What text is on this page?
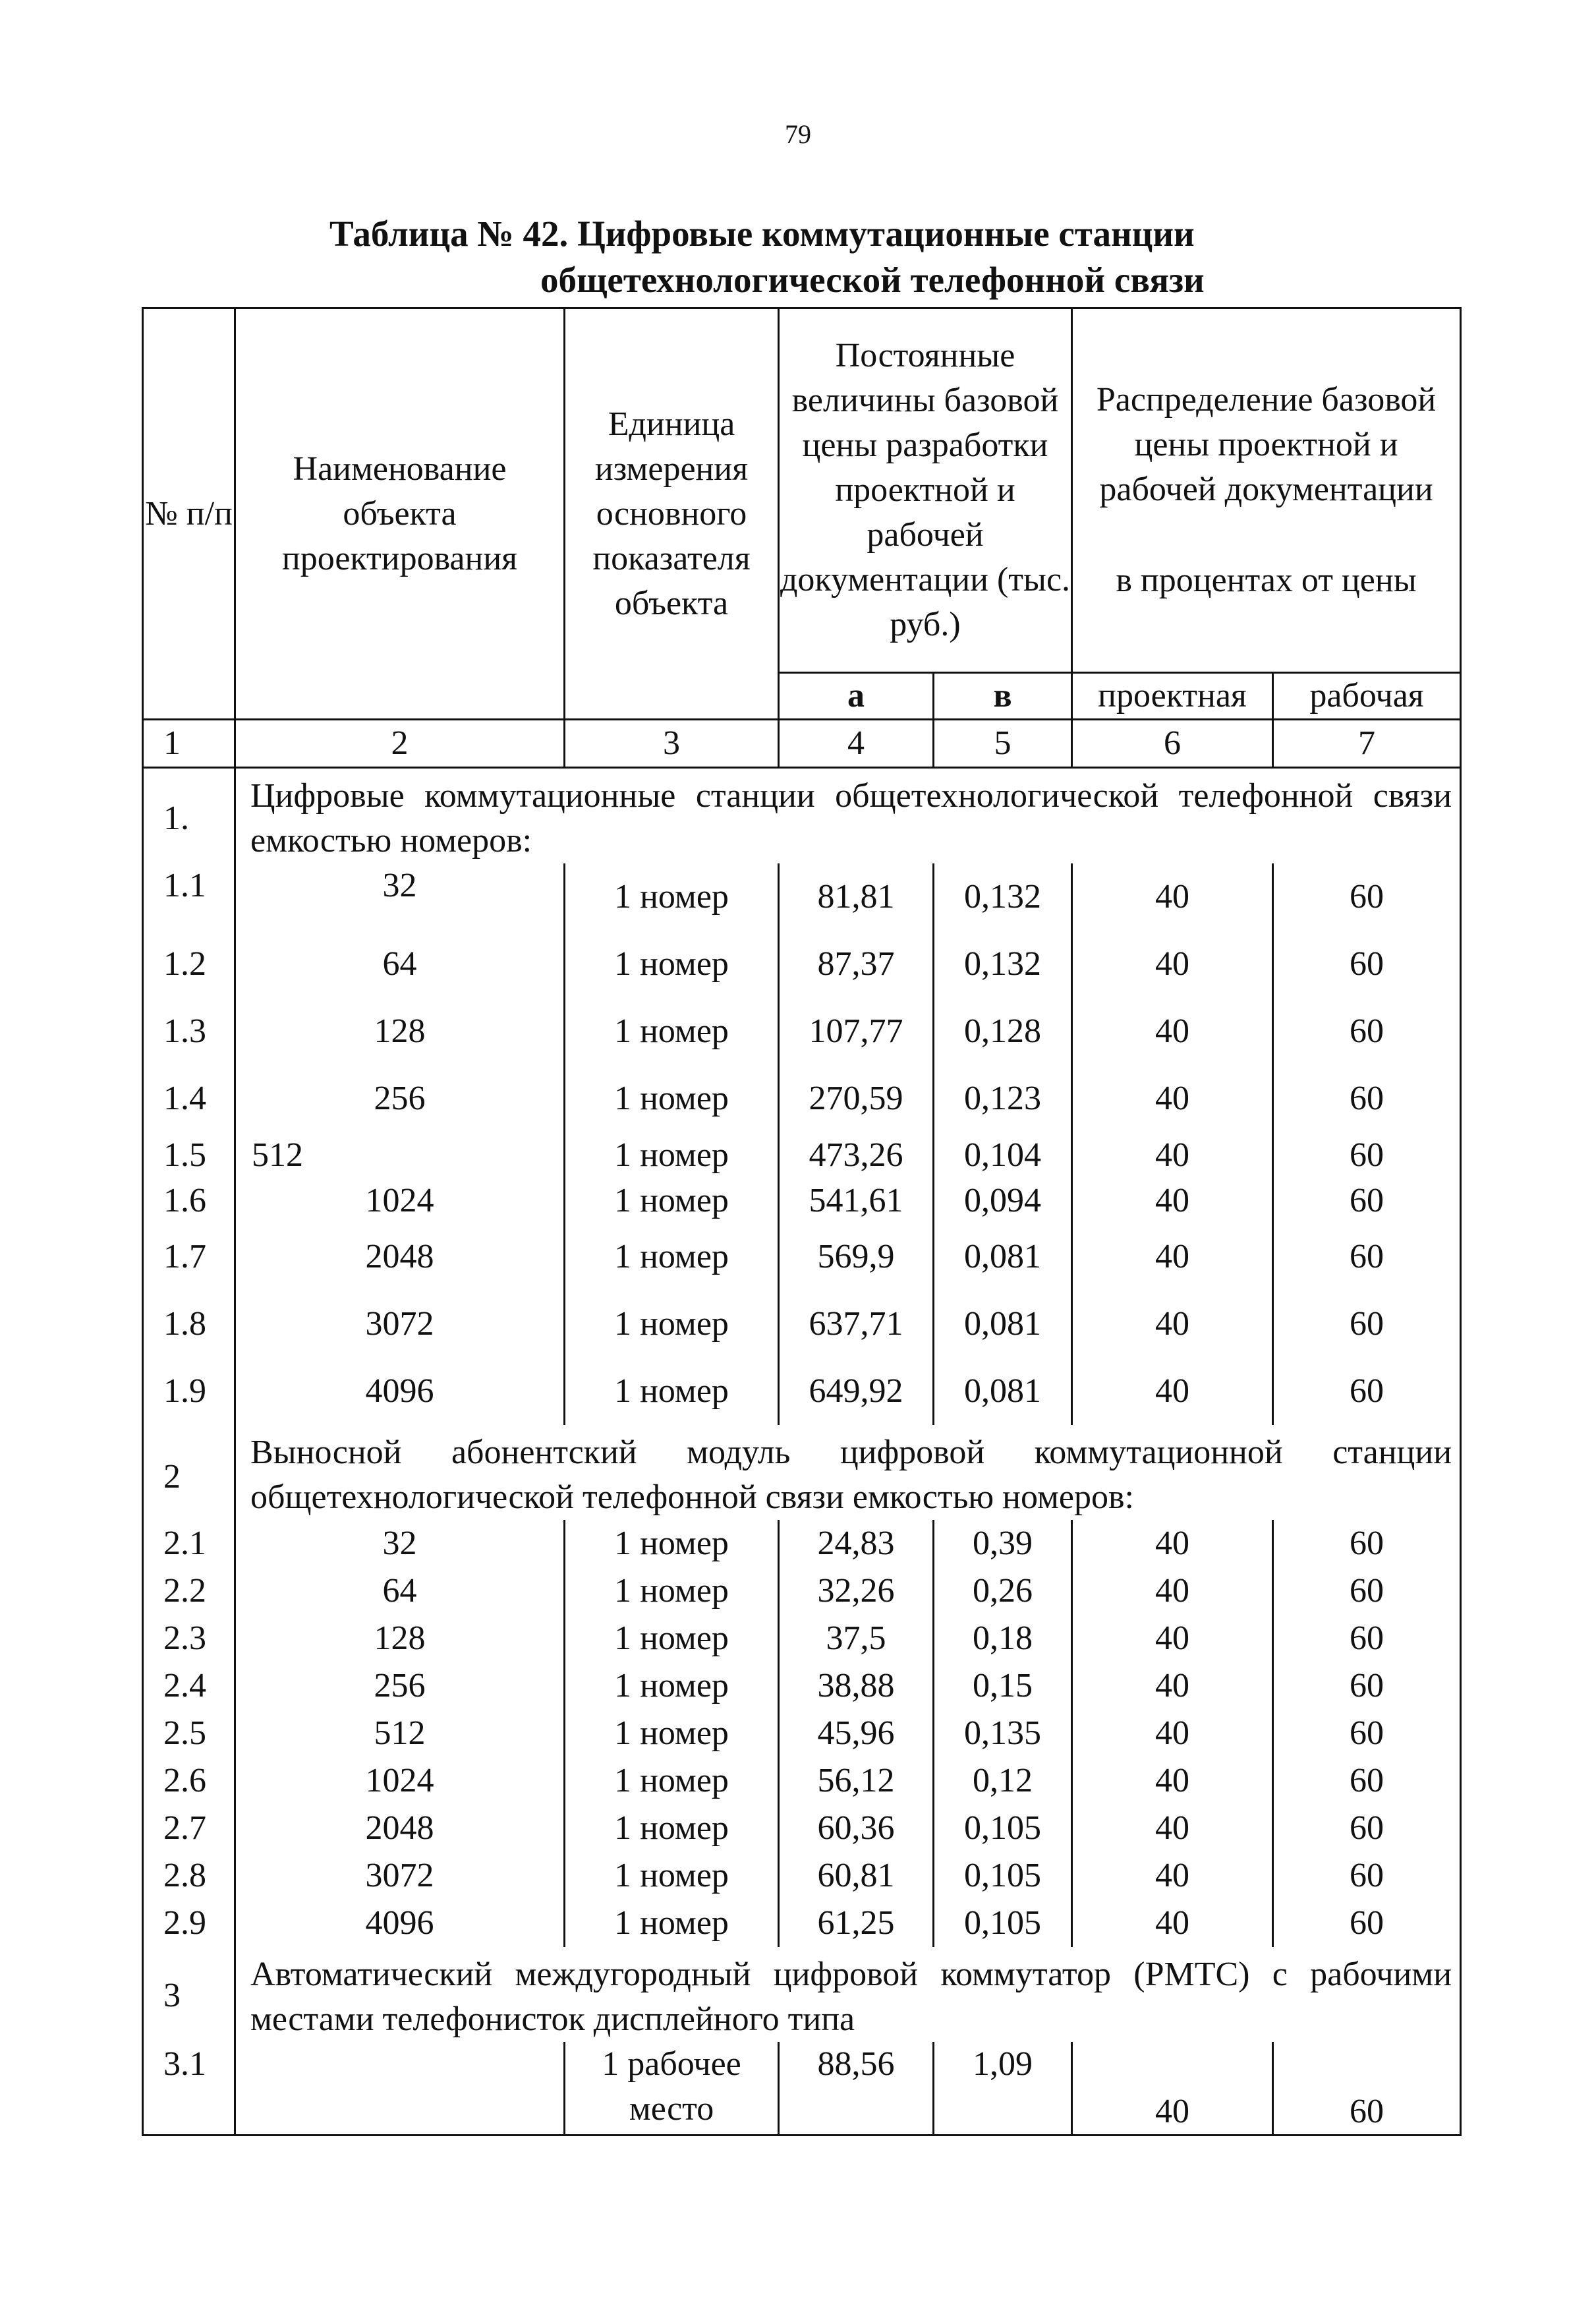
79
Таблица № 42. Цифровые коммутационные станции
общетехнологической телефонной связи
№ п/п	Наименование объекта проектирования	Единица измерения основного показателя объекта	Постоянные величины базовой цены разработки проектной и рабочей документации (тыс. руб.)		Распределение базовой цены проектной и рабочей документации
в процентах от цены	

			а	в	проектная	рабочая
1	2	3	4	5	6	7
1.	Цифровые коммутационные станции общетехнологической телефонной связи емкостью номеров:					
1.1	32	1 номер	81,81	0,132	40	60
1.2	64	1 номер	87,37	0,132	40	60
1.3	128	1 номер	107,77	0,128	40	60
1.4	256	1 номер	270,59	0,123	40	60
1.5	512	1 номер	473,26	0,104	40	60
1.6	1024	1 номер	541,61	0,094	40	60
1.7	2048	1 номер	569,9	0,081	40	60
1.8	3072	1 номер	637,71	0,081	40	60
1.9	4096	1 номер	649,92	0,081	40	60
2	Выносной абонентский модуль цифровой коммутационной станции общетехнологической телефонной связи емкостью номеров:					
2.1	32	1 номер	24,83	0,39	40	60
2.2	64	1 номер	32,26	0,26	40	60
2.3	128	1 номер	37,5	0,18	40	60
2.4	256	1 номер	38,88	0,15	40	60
2.5	512	1 номер	45,96	0,135	40	60
2.6	1024	1 номер	56,12	0,12	40	60
2.7	2048	1 номер	60,36	0,105	40	60
2.8	3072	1 номер	60,81	0,105	40	60
2.9	4096	1 номер	61,25	0,105	40	60
3	Автоматический междугородный цифровой коммутатор (РМТС) с рабочими местами телефонисток дисплейного типа					
3.1		1 рабочее место	88,56	1,09	40	60
